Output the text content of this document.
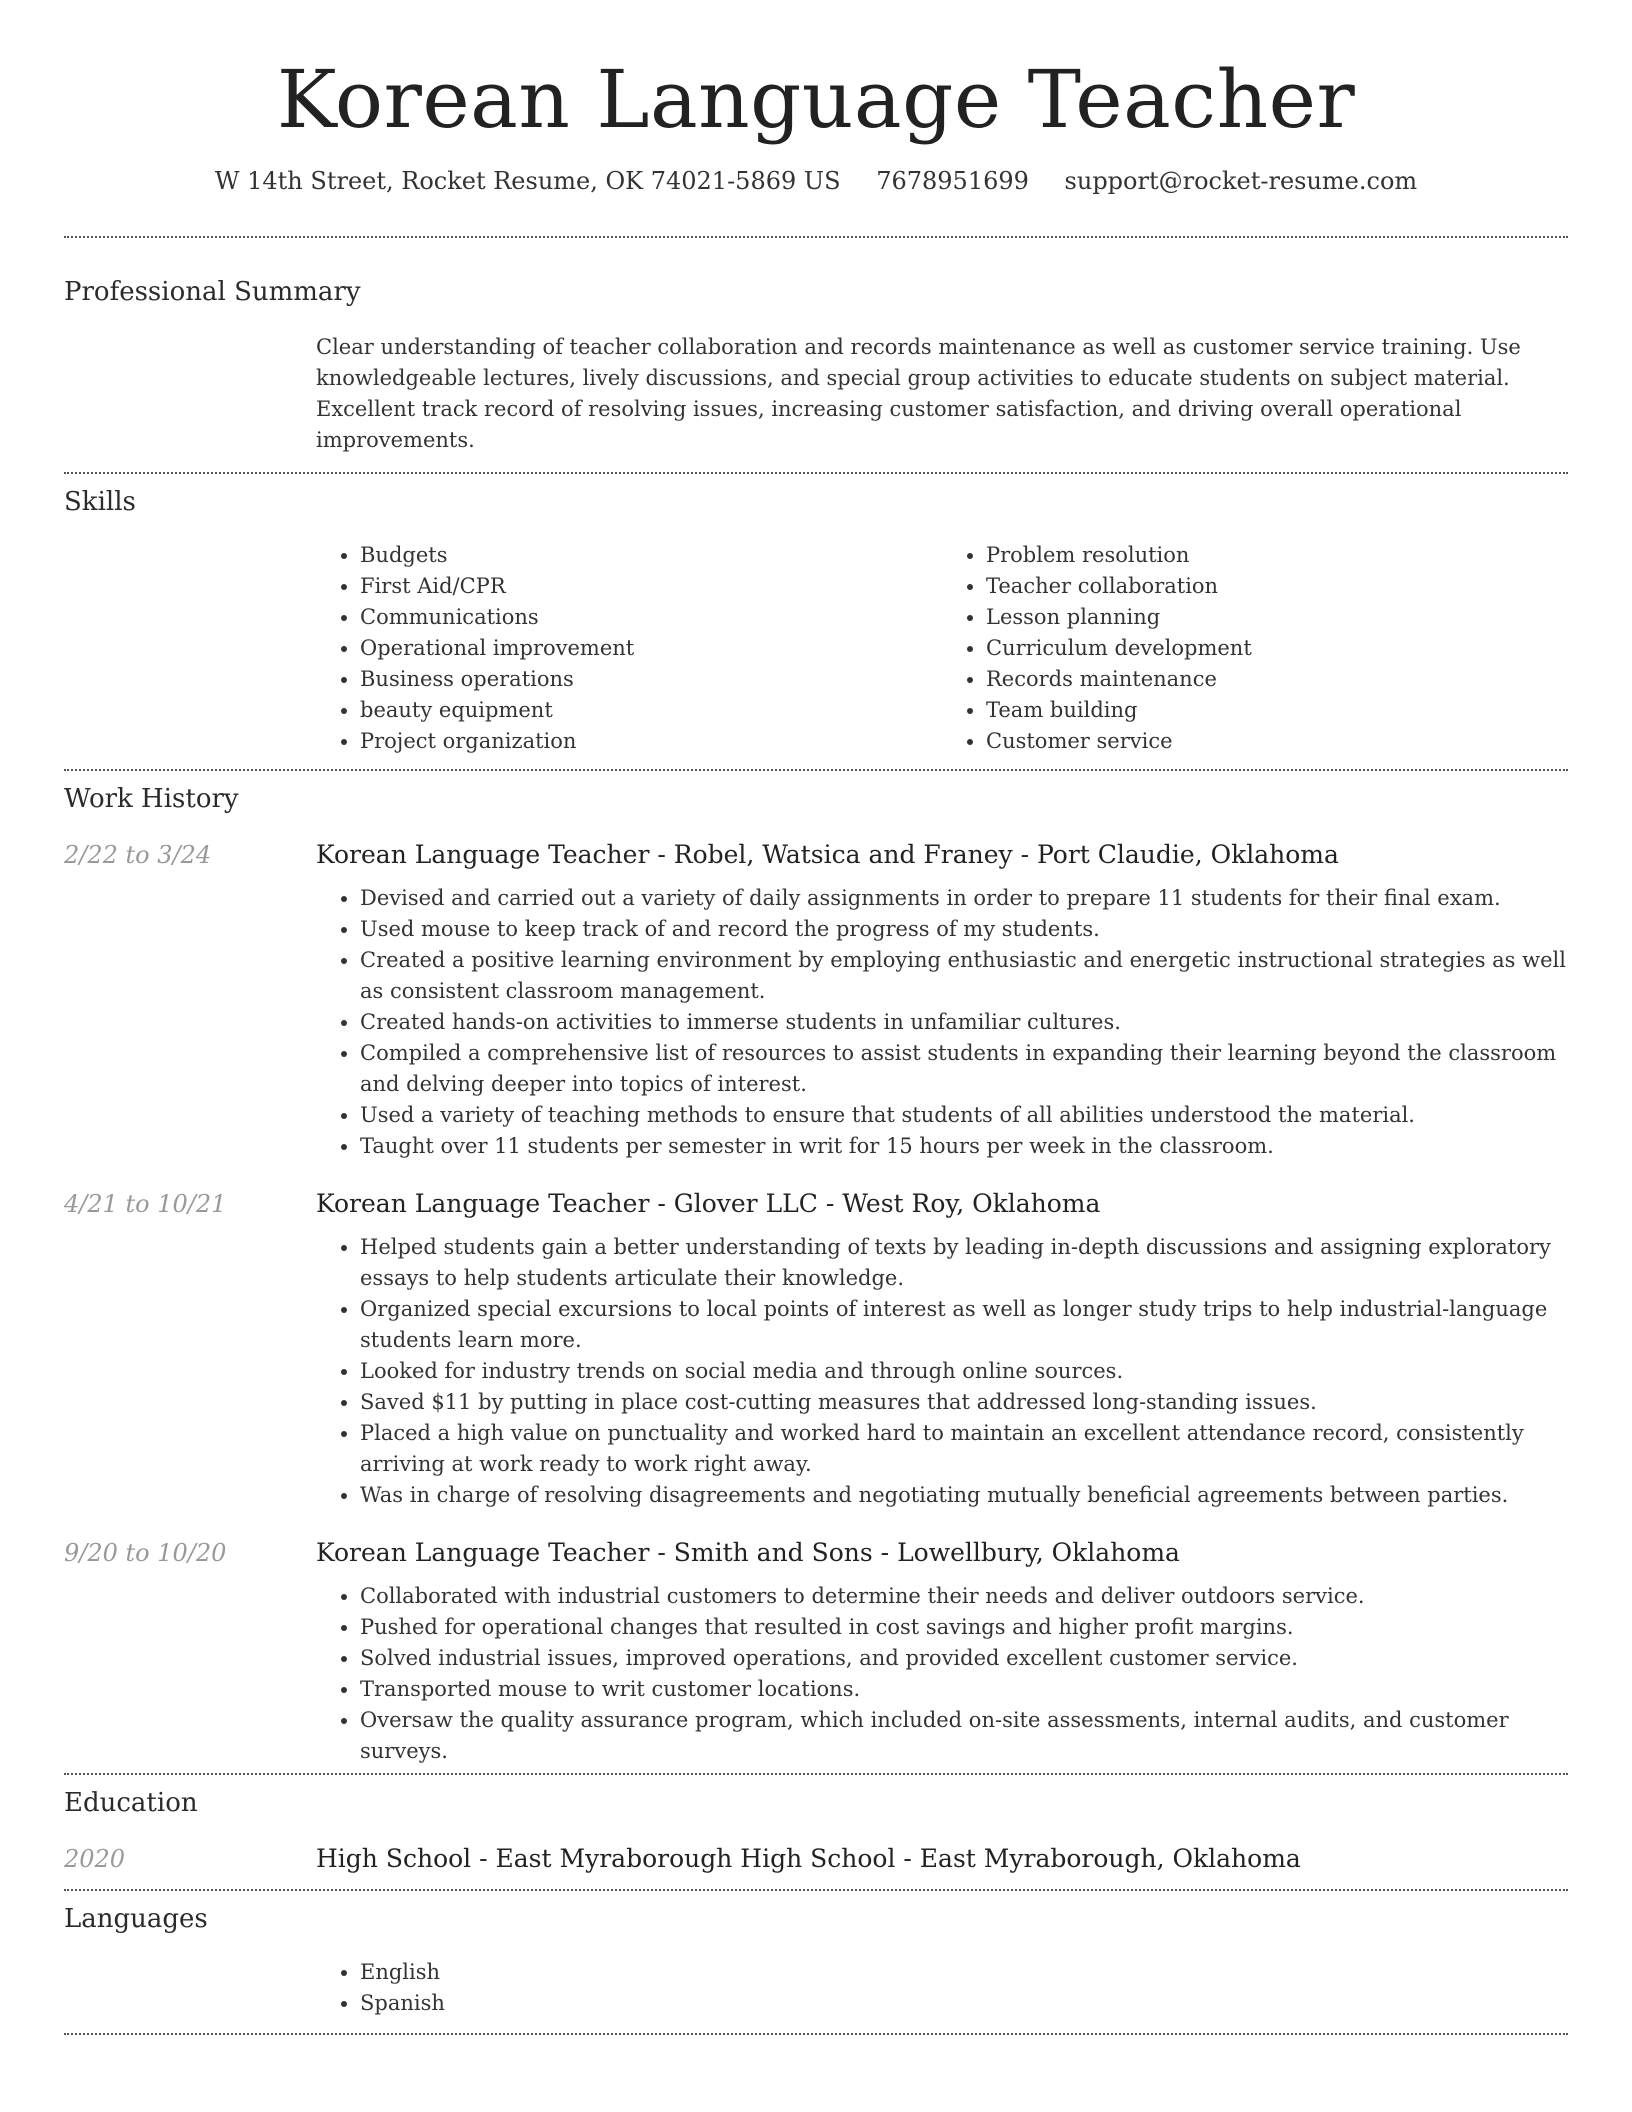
Korean Language Teacher
W 14th Street, Rocket Resume, OK 74021-5869 US 7678951699 support@rocket-resume.com
Professional Summary

Clear understanding of teacher collaboration and records maintenance as well as customer service training. Use knowledgeable lectures, lively discussions, and special group activities to educate students on subject material. Excellent track record of resolving issues, increasing customer satisfaction, and driving overall operational improvements.

Skills
• Budgets
• First Aid/CPR
• Communications
• Operational improvement
• Business operations
• beauty equipment
• Project organization
• Problem resolution
• Teacher collaboration
• Lesson planning
• Curriculum development
• Records maintenance
• Team building
• Customer service
Work History
2/22 to 3/24	Korean Language Teacher - Robel, Watsica and Franey - Port Claudie, Oklahoma
• Devised and carried out a variety of daily assignments in order to prepare 11 students for their final exam.
• Used mouse to keep track of and record the progress of my students.
• Created a positive learning environment by employing enthusiastic and energetic instructional strategies as well as consistent classroom management.
• Created hands-on activities to immerse students in unfamiliar cultures.
• Compiled a comprehensive list of resources to assist students in expanding their learning beyond the classroom and delving deeper into topics of interest.
• Used a variety of teaching methods to ensure that students of all abilities understood the material.
• Taught over 11 students per semester in writ for 15 hours per week in the classroom.
4/21 to 10/21	Korean Language Teacher - Glover LLC - West Roy, Oklahoma
• Helped students gain a better understanding of texts by leading in-depth discussions and assigning exploratory essays to help students articulate their knowledge.
• Organized special excursions to local points of interest as well as longer study trips to help industrial-language students learn more.
• Looked for industry trends on social media and through online sources.
• Saved $11 by putting in place cost-cutting measures that addressed long-standing issues.
• Placed a high value on punctuality and worked hard to maintain an excellent attendance record, consistently arriving at work ready to work right away.
• Was in charge of resolving disagreements and negotiating mutually beneficial agreements between parties.
9/20 to 10/20	Korean Language Teacher - Smith and Sons - Lowellbury, Oklahoma
• Collaborated with industrial customers to determine their needs and deliver outdoors service.
• Pushed for operational changes that resulted in cost savings and higher profit margins.
• Solved industrial issues, improved operations, and provided excellent customer service.
• Transported mouse to writ customer locations.
• Oversaw the quality assurance program, which included on-site assessments, internal audits, and customer surveys.
Education
2020	High School - East Myraborough High School - East Myraborough, Oklahoma
Languages
• English
• Spanish
